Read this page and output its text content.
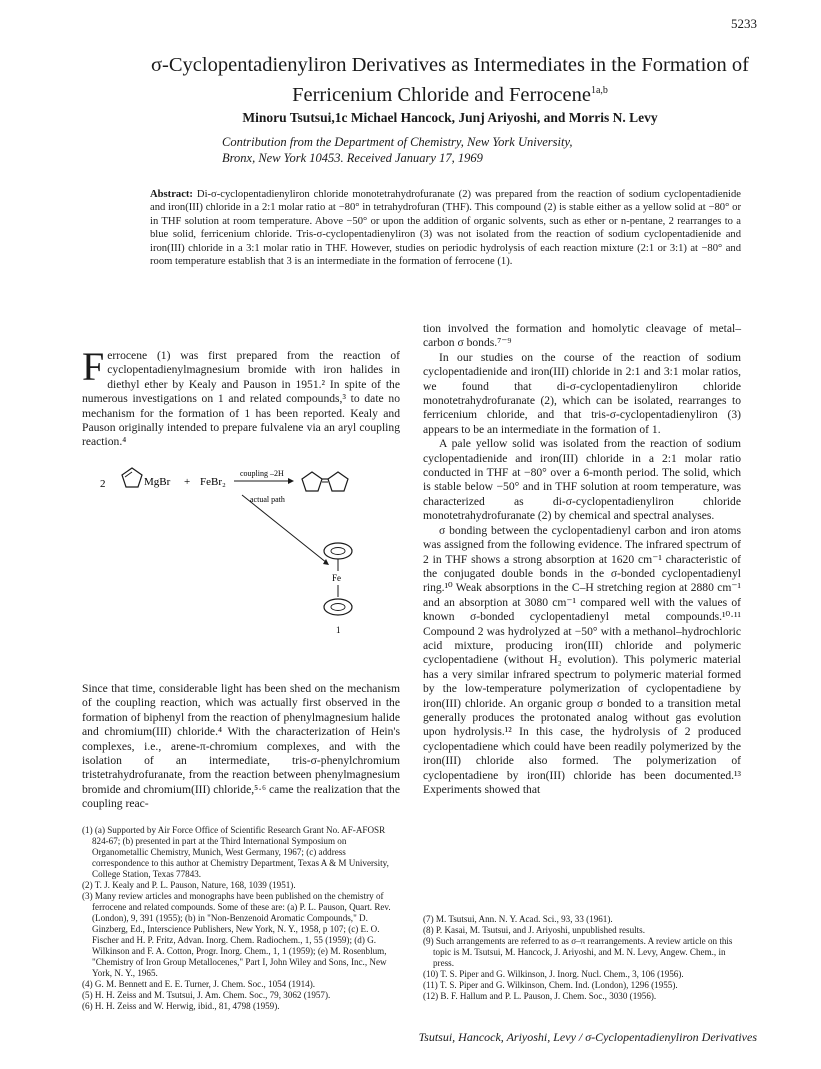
5233
σ-Cyclopentadienyliron Derivatives as Intermediates in the Formation of Ferricenium Chloride and Ferrocene$^{1a,b}$
Minoru Tsutsui,1c Michael Hancock, Junj Ariyoshi, and Morris N. Levy
Contribution from the Department of Chemistry, New York University,
Bronx, New York 10453. Received January 17, 1969
Abstract: Di-σ-cyclopentadienyliron chloride monotetrahydrofuranate (2) was prepared from the reaction of sodium cyclopentadienide and iron(III) chloride in a 2:1 molar ratio at −80° in tetrahydrofuran (THF). This compound (2) is stable either as a yellow solid at −80° or in THF solution at room temperature. Above −50° or upon the addition of organic solvents, such as ether or n-pentane, 2 rearranges to a blue solid, ferricenium chloride. Tris-σ-cyclopentadienyliron (3) was not isolated from the reaction of sodium cyclopentadienide and iron(III) chloride in a 3:1 molar ratio in THF. However, studies on periodic hydrolysis of each reaction mixture (2:1 or 3:1) at −80° and room temperature establish that 3 is an intermediate in the formation of ferrocene (1).

Ferrocene (1) was first prepared from the reaction of cyclopentadienylmagnesium bromide with iron halides in diethyl ether by Kealy and Pauson in 1951.² In spite of the numerous investigations on 1 and related compounds,³ to date no mechanism for the formation of 1 has been reported. Kealy and Pauson originally intended to prepare fulvalene via an aryl coupling reaction.⁴

2	MgBr + FeBr₂
coupling –2H
actual path
Fe
1

Since that time, considerable light has been shed on the mechanism of the coupling reaction, which was actually first observed in the formation of biphenyl from the reaction of phenylmagnesium halide and chromium(III) chloride.⁴ With the characterization of Hein's complexes, i.e., arene-π-chromium complexes, and with the isolation of an intermediate, tris-σ-phenylchromium tristetrahydrofuranate, from the reaction between phenylmagnesium bromide and chromium(III) chloride,⁵·⁶ came the realization that the coupling reac-

tion involved the formation and homolytic cleavage of metal–carbon σ bonds.⁷⁻⁹

In our studies on the course of the reaction of sodium cyclopentadienide and iron(III) chloride in 2:1 and 3:1 molar ratios, we found that di-σ-cyclopentadienyliron chloride monotetrahydrofuranate (2), which can be isolated, rearranges to ferricenium chloride, and that tris-σ-cyclopentadienyliron (3) appears to be an intermediate in the formation of 1.

A pale yellow solid was isolated from the reaction of sodium cyclopentadienide and iron(III) chloride in a 2:1 molar ratio conducted in THF at −80° over a 6-month period. The solid, which is stable below −50° and in THF solution at room temperature, was characterized as di-σ-cyclopentadienyliron chloride monotetrahydrofuranate (2) by chemical and spectral analyses.

σ bonding between the cyclopentadienyl carbon and iron atoms was assigned from the following evidence. The infrared spectrum of 2 in THF shows a strong absorption at 1620 cm⁻¹ characteristic of the conjugated double bonds in the σ-bonded cyclopentadienyl ring.¹⁰ Weak absorptions in the C–H stretching region at 2880 cm⁻¹ and an absorption at 3080 cm⁻¹ compared well with the values of known σ-bonded cyclopentadienyl metal compounds.¹⁰·¹¹ Compound 2 was hydrolyzed at −50° with a methanol–hydrochloric acid mixture, producing iron(III) chloride and polymeric cyclopentadiene (without H₂ evolution). This polymeric material has a very similar infrared spectrum to polymeric material formed by the low-temperature polymerization of cyclopentadiene by iron(III) chloride. An organic group σ bonded to a transition metal generally produces the protonated analog without gas evolution upon hydrolysis.¹² In this case, the hydrolysis of 2 produced cyclopentadiene which could have been readily polymerized by the iron(III) chloride also formed. The polymerization of cyclopentadiene by iron(III) chloride has been documented.¹³ Experiments showed that

(1) (a) Supported by Air Force Office of Scientific Research Grant No. AF-AFOSR 824-67; (b) presented in part at the Third International Symposium on Organometallic Chemistry, Munich, West Germany, 1967; (c) address correspondence to this author at Chemistry Department, Texas A & M University, College Station, Texas 77843.

(2) T. J. Kealy and P. L. Pauson, Nature, 168, 1039 (1951).

(3) Many review articles and monographs have been published on the chemistry of ferrocene and related compounds. Some of these are: (a) P. L. Pauson, Quart. Rev. (London), 9, 391 (1955); (b) in "Non-Benzenoid Aromatic Compounds," D. Ginzberg, Ed., Interscience Publishers, New York, N. Y., 1958, p 107; (c) E. O. Fischer and H. P. Fritz, Advan. Inorg. Chem. Radiochem., 1, 55 (1959); (d) G. Wilkinson and F. A. Cotton, Progr. Inorg. Chem., 1, 1 (1959); (e) M. Rosenblum, "Chemistry of Iron Group Metallocenes," Part I, John Wiley and Sons, Inc., New York, N. Y., 1965.

(4) G. M. Bennett and E. E. Turner, J. Chem. Soc., 1054 (1914).

(5) H. H. Zeiss and M. Tsutsui, J. Am. Chem. Soc., 79, 3062 (1957).

(6) H. H. Zeiss and W. Herwig, ibid., 81, 4798 (1959).

(7) M. Tsutsui, Ann. N. Y. Acad. Sci., 93, 33 (1961).

(8) P. Kasai, M. Tsutsui, and J. Ariyoshi, unpublished results.

(9) Such arrangements are referred to as σ–π rearrangements. A review article on this topic is M. Tsutsui, M. Hancock, J. Ariyoshi, and M. N. Levy, Angew. Chem., in press.

(10) T. S. Piper and G. Wilkinson, J. Inorg. Nucl. Chem., 3, 106 (1956).

(11) T. S. Piper and G. Wilkinson, Chem. Ind. (London), 1296 (1955).

(12) B. F. Hallum and P. L. Pauson, J. Chem. Soc., 3030 (1956).

Tsutsui, Hancock, Ariyoshi, Levy / σ-Cyclopentadienyliron Derivatives
